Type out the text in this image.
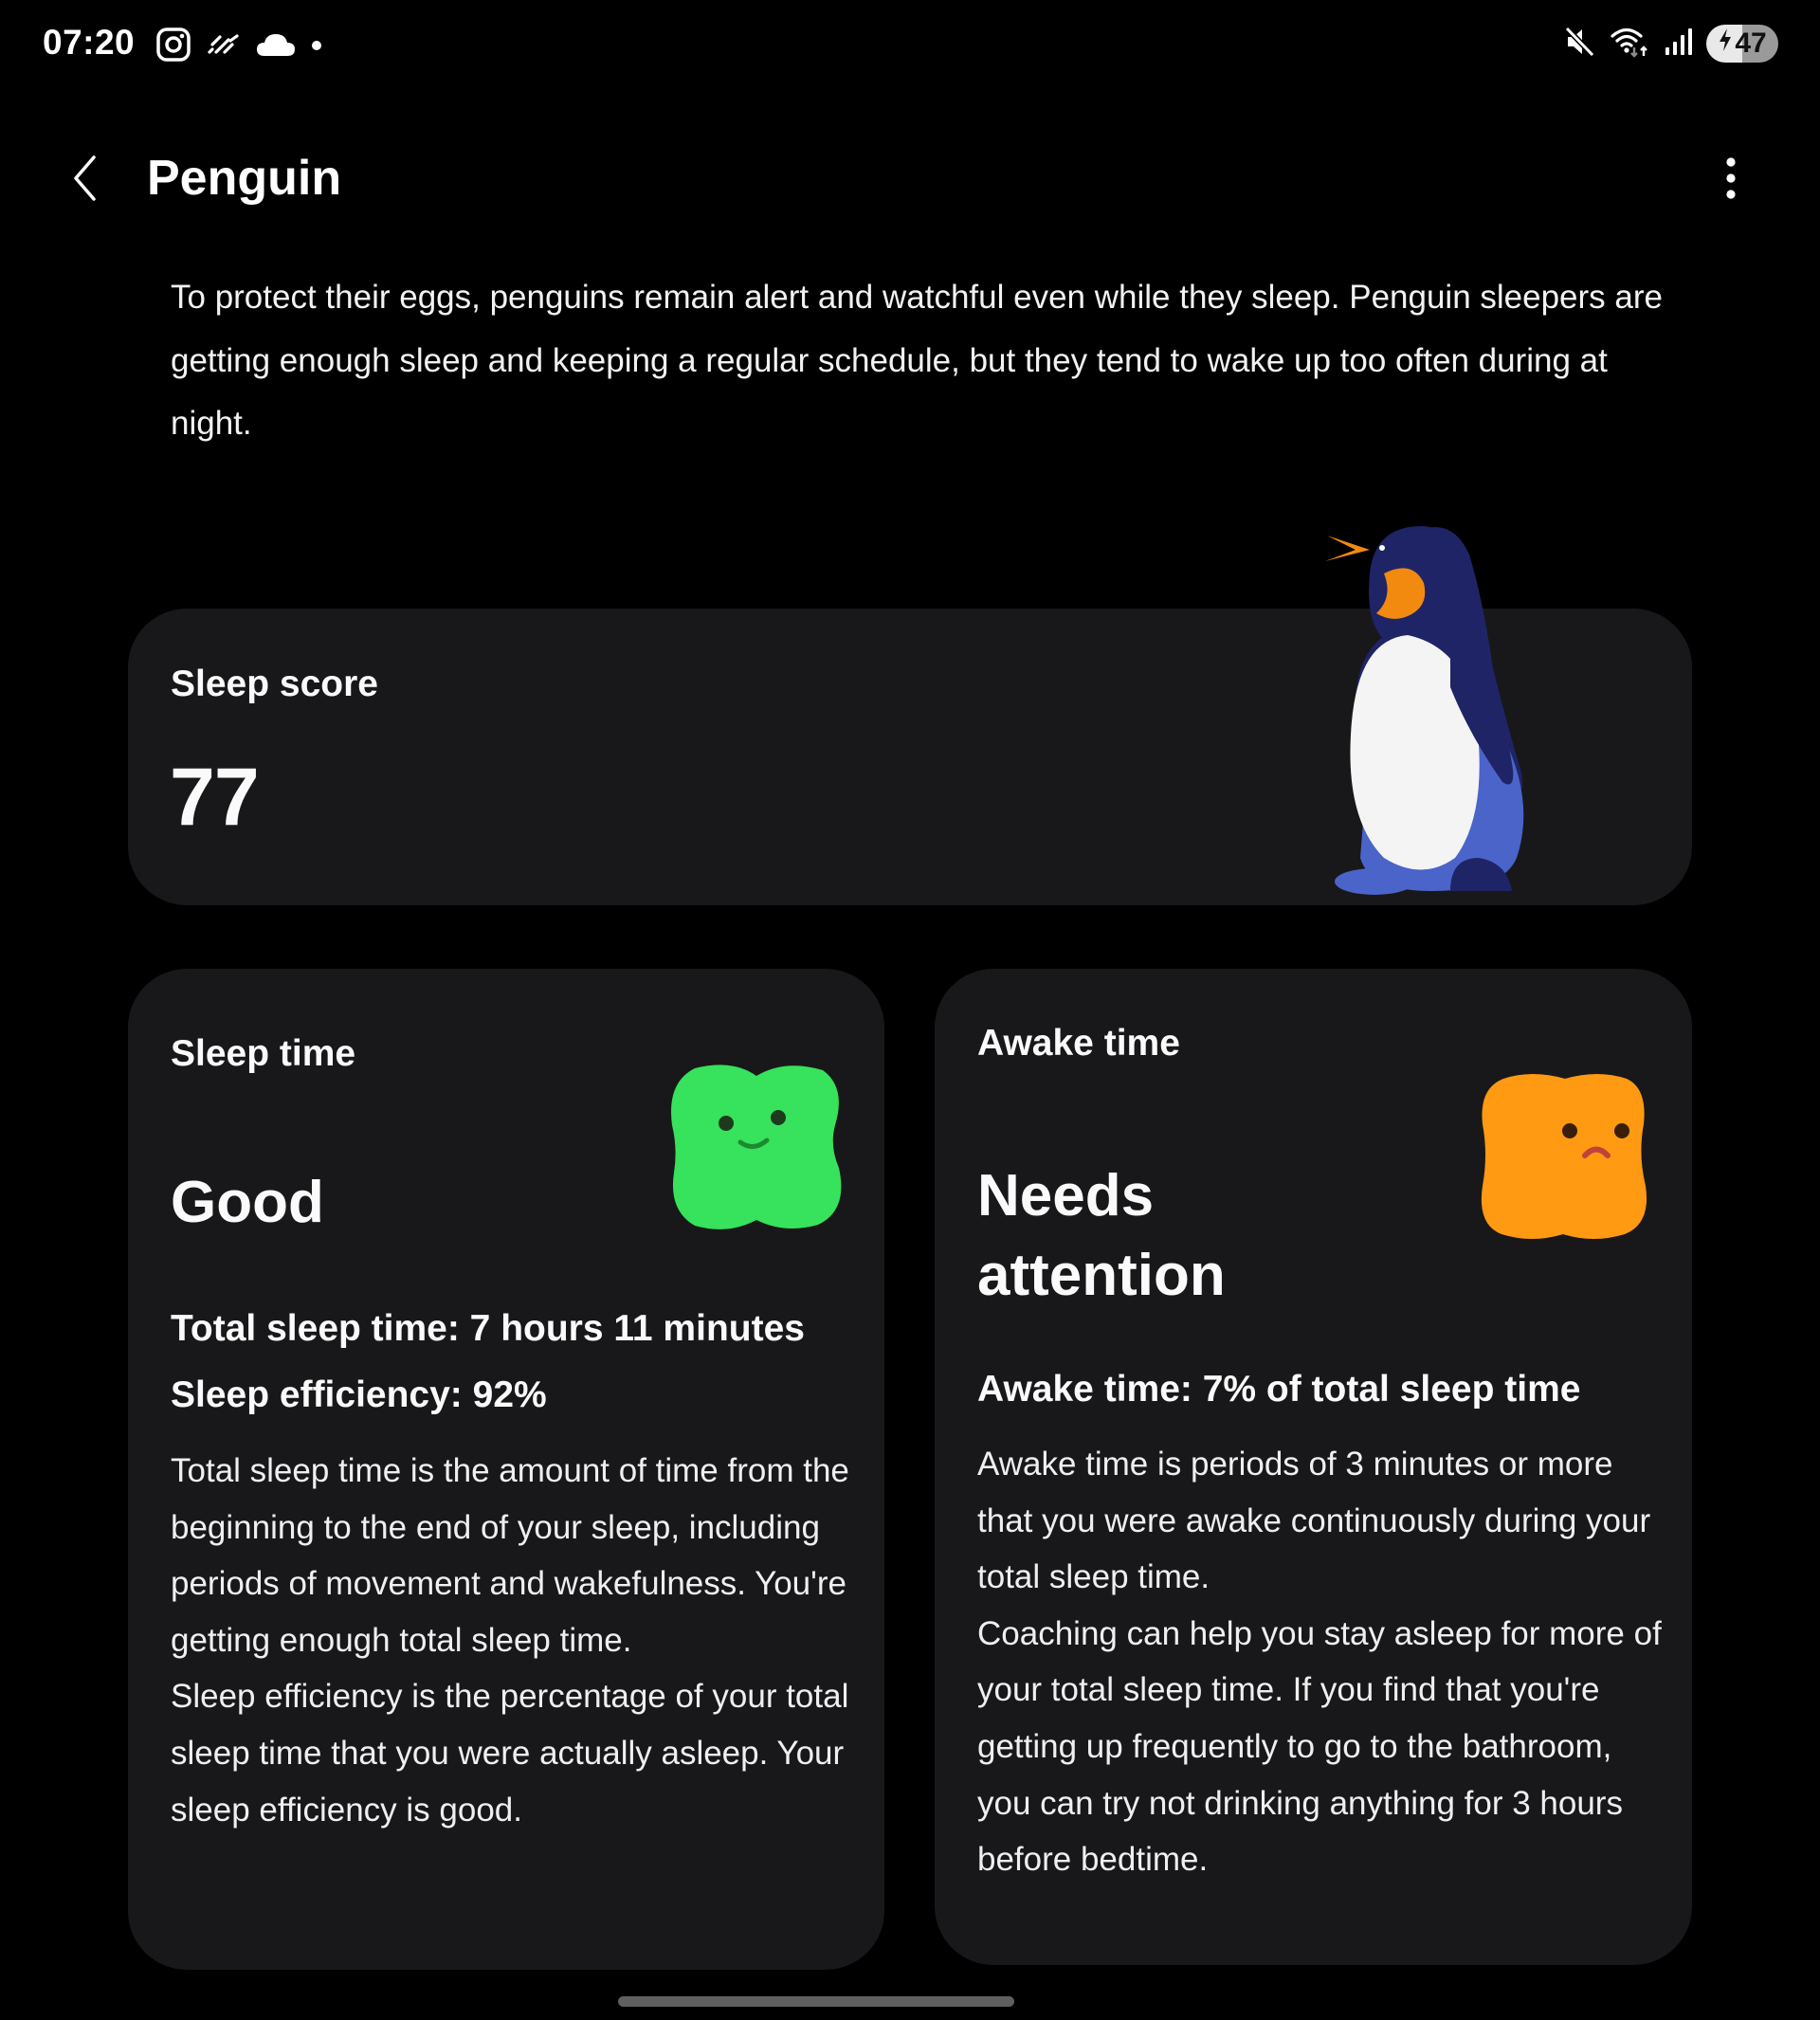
07:20	47
Penguin
To protect their eggs, penguins remain alert and watchful even while they sleep. Penguin sleepers are getting enough sleep and keeping a regular schedule, but they tend to wake up too often during at night.
Sleep score
77
Sleep time
Good
Total sleep time: 7 hours 11 minutes
Sleep efficiency: 92%
Total sleep time is the amount of time from the beginning to the end of your sleep, including periods of movement and wakefulness. You're getting enough total sleep time.
Sleep efficiency is the percentage of your total sleep time that you were actually asleep. Your sleep efficiency is good.
Awake time
Needs attention
Awake time: 7% of total sleep time
Awake time is periods of 3 minutes or more that you were awake continuously during your total sleep time.
Coaching can help you stay asleep for more of your total sleep time. If you find that you're getting up frequently to go to the bathroom, you can try not drinking anything for 3 hours before bedtime.
